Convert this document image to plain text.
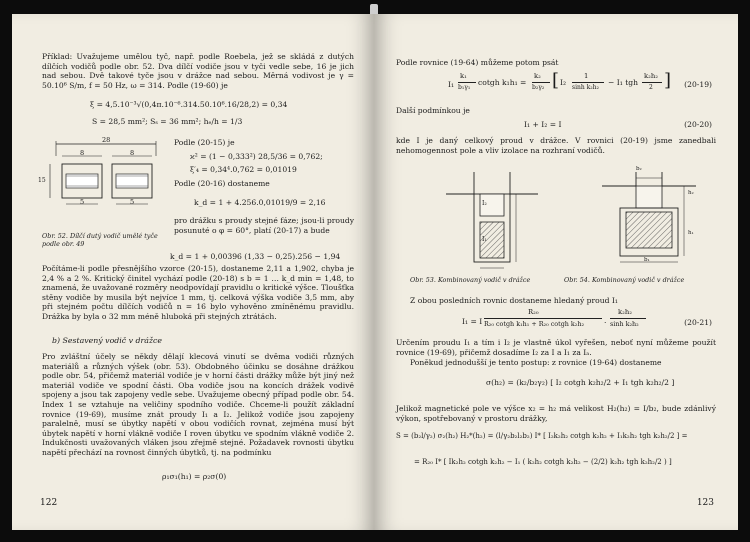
Příklad: Uvažujeme umělou tyč, např. podle Roebela, jež se skládá z dutých dílčích vodičů podle obr. 52. Dva dílčí vodiče jsou v tyči vedle sebe, 16 je jich nad sebou. Dvě takové tyče jsou v drážce nad sebou. Měrná vodivost je γ = 50.10⁶ S/m, f = 50 Hz, ω = 314. Podle (19-60) je
ξ = 4,5.10⁻³√(0,4π.10⁻⁶.314.50.10⁶.16/28,2) = 0,34
S = 28,5 mm²; Sₛ = 36 mm²; hₑ/h = 1/3
28
8	8
5	5
15
Obr. 52. Dílčí dutý vodič umělé tyče podle obr. 49
Podle (20-15) je
ϰ² = (1 − 0,333²) 28,5/36 = 0,762;
ξ′₄ = 0,34⁴.0,762 = 0,01019
Podle (20-16) dostaneme
k_d = 1 + 4.256.0,01019/9 = 2,16
pro drážku s proudy stejné fáze; jsou-li proudy posunuté o φ = 60°, platí (20-17) a bude
k_d = 1 + 0,00396 (1,33 − 0,25).256 − 1,94
Počítáme-li podle přesnějšího vzorce (20-15), dostaneme 2,11 a 1,902, chyba je 2,4 % a 2 %. Kritický činitel vychází podle (20-18) s b = 1 … k_d min = 1,48, to znamená, že uvažované rozměry neodpovídají pravidlu o kritické výšce. Tloušťka stěny vodiče by musila být nejvíce 1 mm, tj. celková výška vodiče 3,5 mm, aby při stejném počtu dílčích vodičů n = 16 bylo vyhověno zmíněnému pravidlu. Drážka by byla o 32 mm méně hluboká při stejných ztrátách.
b) Sestavený vodič v drážce
Pro zvláštní účely se někdy dělají klecová vinutí se dvěma vodiči různých materiálů a různých výšek (obr. 53). Obdobného účinku se dosáhne drážkou podle obr. 54, přičemž materiál vodiče je v horní části drážky může být jiný než materiál vodiče ve spodní části. Oba vodiče jsou na koncích drážek vodivě spojeny a jsou tak zapojeny vedle sebe. Uvažujeme obecný případ podle obr. 54. Index 1 se vztahuje na veličiny spodního vodiče. Chceme-li použít základní rovnice (19-69), musíme znát proudy I₁ a I₂. Jelikož vodiče jsou zapojeny paralelně, musí se úbytky napětí v obou vodičích rovnat, zejména musí být úbytek napětí v horní vlákně vodiče I roven úbytku ve spodním vlákně vodiče 2. Indukčnosti uvažovaných vláken jsou zřejmě stejné. Požadavek rovnosti úbytku napětí přechází na rovnost činných úbytků, tj. na podmínku
ρ₁σ₁(h₁) = ρ₂σ(0)
122
Podle rovnice (19-64) můžeme potom psát
I₁
k₁
b₁γ₁
cotgh k₁h₁ =
k₂
b₂γ₂ [ I₂
1
sinh k₂h₂
− I₁ tgh
k₂h₂
2 ] (20-19)
Další podmínkou je
I₁ + I₂ = I	(20-20)
kde I je daný celkový proud v drážce. V rovnici (20-19) jsme zanedbali nehomogennost pole a vliv izolace na rozhraní vodičů.
b₂
I₂
I₁
h₂
h₁
b₁
Obr. 53. Kombinovaný vodič v drážce	Obr. 54. Kombinovaný vodič v drážce
Z obou posledních rovnic dostaneme hledaný proud I₁
I₁ = I
R₂₀
R₂₀ cotgh k₁h₁ + R₂₀ cotgh k₂h₂	.
k₂h₂
sinh k₂h₂	(20-21)
Určením proudu I₁ a tím i I₂ je vlastně úkol vyřešen, neboť nyní můžeme použít rovnice (19-69), přičemž dosadíme I₂ za I a I₁ za Iₐ.
Poněkud jednodušší je tento postup: z rovnice (19-64) dostaneme
σ(h₂) = (k₂/b₂γ₂) [ I₂ cotgh k₂h₂/2 + I₁ tgh k₂h₂/2 ]
Jelikož magnetické pole ve výšce x₂ = h₂ má velikost H₂(h₂) = I/b₂, bude zdánlivý výkon, spotřebovaný v prostoru drážky,
S = (b₂l/γ₂) σ₂(h₂) H₂*(h₂) = (l/γ₂b₂l₂b₂) I* [ I₂k₂h₂ cotgh k₂h₂ + I₁k₂h₂ tgh k₂h₂/2 ] =
= R₂₀ I* [ Ik₂h₂ cotgh k₂h₂ − I₁ ( k₂h₂ cotgh k₂h₂ − (2/2) k₂h₂ tgh k₂h₂/2 ) ]
123
